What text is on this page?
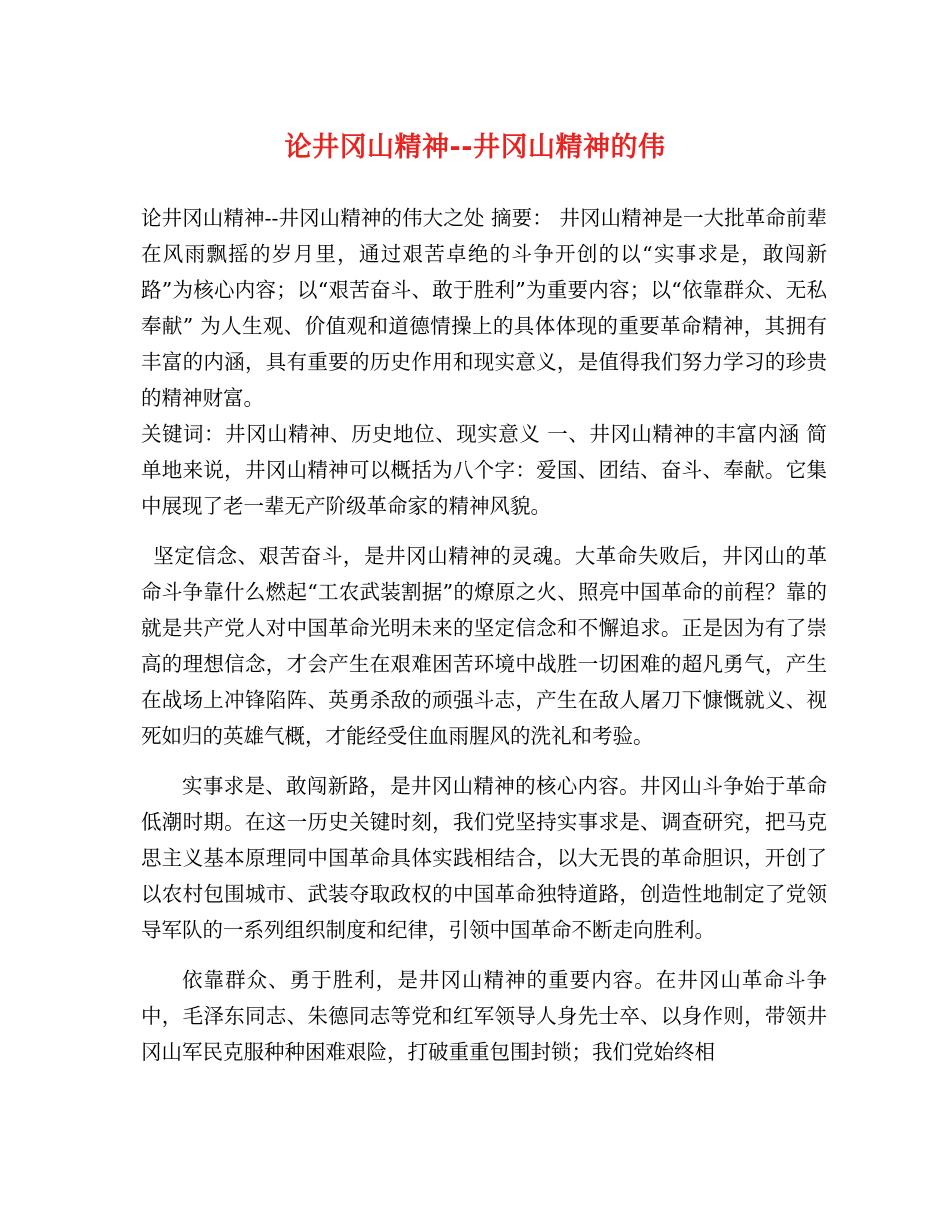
论井冈山精神--井冈山精神的伟

论井冈山精神--井冈山精神的伟大之处 摘要： 井冈山精神是一大批革命前辈在风雨飘摇的岁月里，通过艰苦卓绝的斗争开创的以“实事求是，敢闯新路”为核心内容；以“艰苦奋斗、敢于胜利”为重要内容；以“依靠群众、无私奉献” 为人生观、价值观和道德情操上的具体体现的重要革命精神，其拥有丰富的内涵，具有重要的历史作用和现实意义，是值得我们努力学习的珍贵的精神财富。

关键词：井冈山精神、历史地位、现实意义 一、井冈山精神的丰富内涵 简单地来说，井冈山精神可以概括为八个字：爱国、团结、奋斗、奉献。它集中展现了老一辈无产阶级革命家的精神风貌。

坚定信念、艰苦奋斗，是井冈山精神的灵魂。大革命失败后，井冈山的革命斗争靠什么燃起“工农武装割据”的燎原之火、照亮中国革命的前程？靠的就是共产党人对中国革命光明未来的坚定信念和不懈追求。正是因为有了崇高的理想信念，才会产生在艰难困苦环境中战胜一切困难的超凡勇气，产生在战场上冲锋陷阵、英勇杀敌的顽强斗志，产生在敌人屠刀下慷慨就义、视死如归的英雄气概，才能经受住血雨腥风的洗礼和考验。

实事求是、敢闯新路，是井冈山精神的核心内容。井冈山斗争始于革命低潮时期。在这一历史关键时刻，我们党坚持实事求是、调查研究，把马克思主义基本原理同中国革命具体实践相结合，以大无畏的革命胆识，开创了以农村包围城市、武装夺取政权的中国革命独特道路，创造性地制定了党领导军队的一系列组织制度和纪律，引领中国革命不断走向胜利。

依靠群众、勇于胜利，是井冈山精神的重要内容。在井冈山革命斗争中，毛泽东同志、朱德同志等党和红军领导人身先士卒、以身作则，带领井冈山军民克服种种困难艰险，打破重重包围封锁；我们党始终相
